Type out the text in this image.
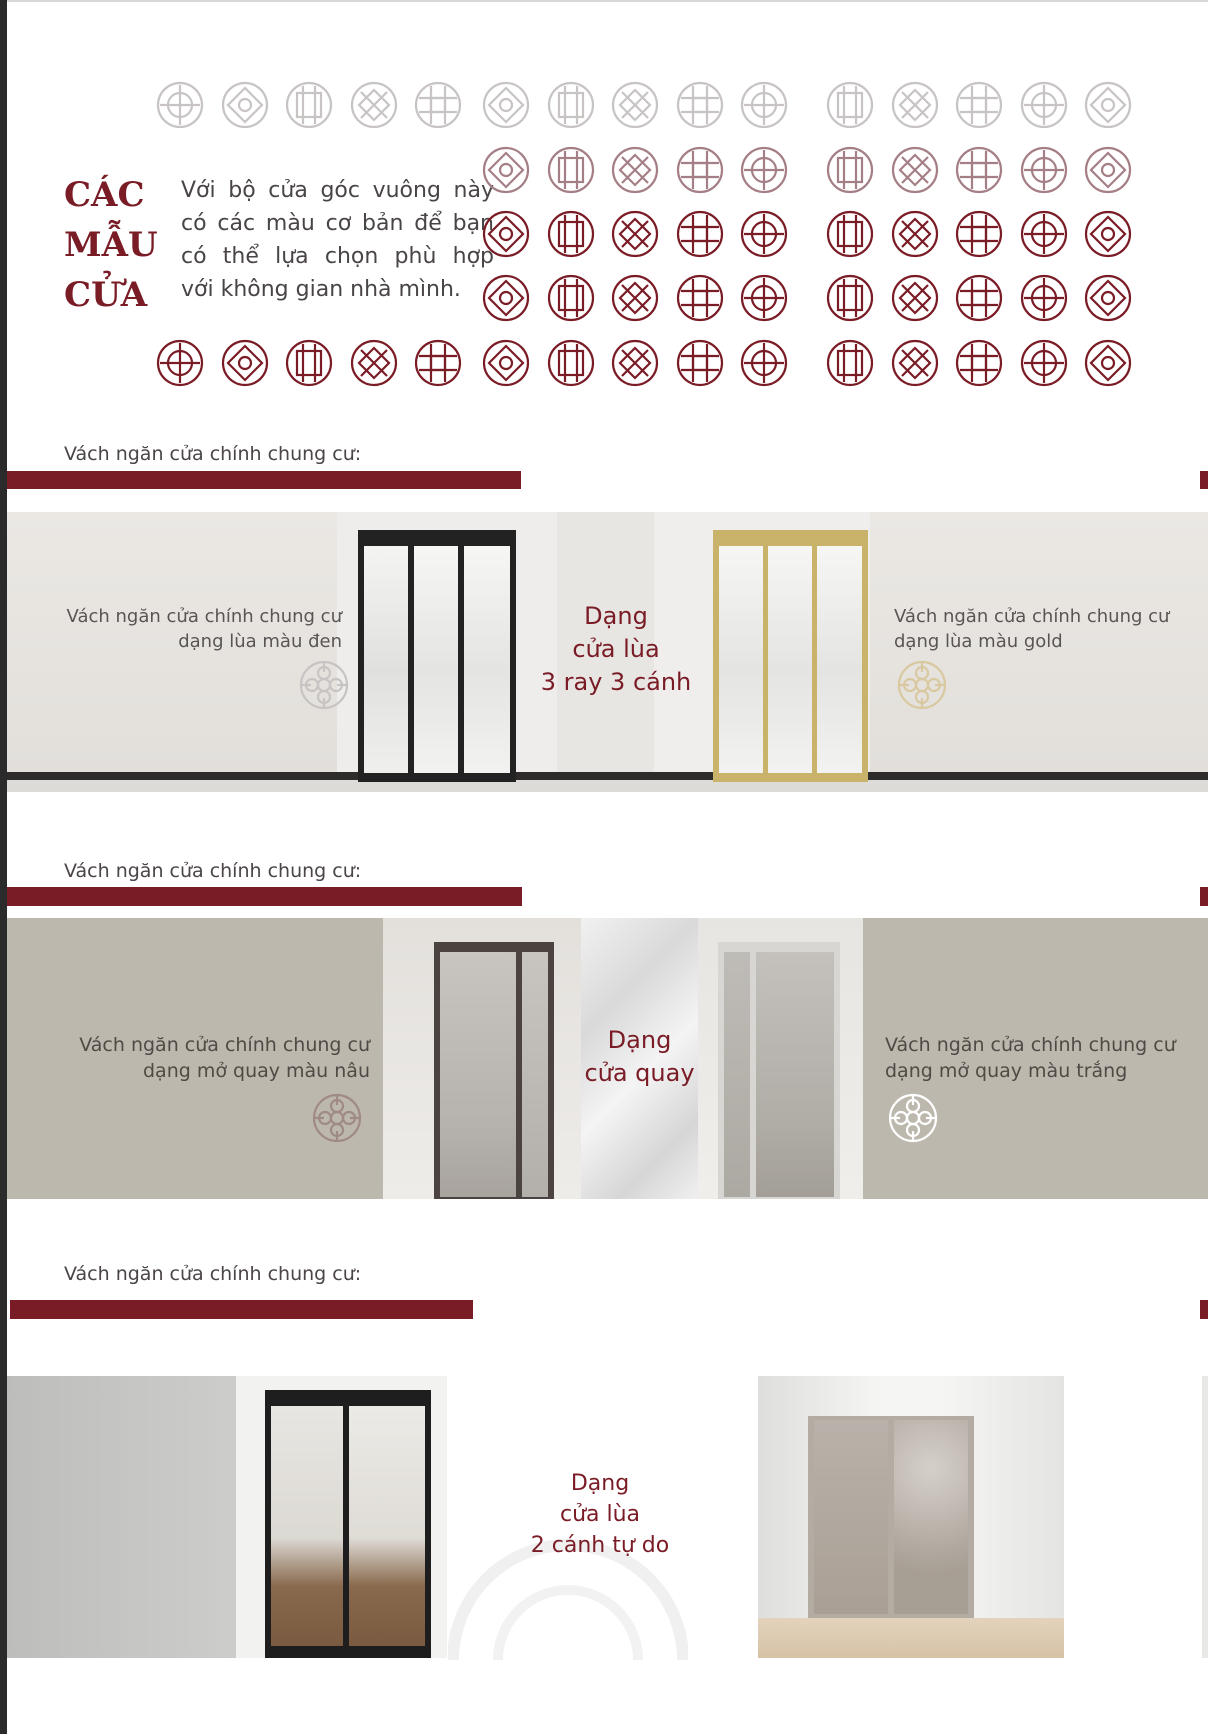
CÁC
MẪU
CỬA
Với bộ cửa góc vuông này
có các màu cơ bản để bạn
có thể lựa chọn phù hợp
với không gian nhà mình.
Vách ngăn cửa chính chung cư:
Vách ngăn cửa chính chung cư
dạng lùa màu đen
Dạng
cửa lùa
3 ray 3 cánh
Vách ngăn cửa chính chung cư
dạng lùa màu gold
Vách ngăn cửa chính chung cư:
Vách ngăn cửa chính chung cư
dạng mở quay màu nâu
Dạng
cửa quay
Vách ngăn cửa chính chung cư
dạng mở quay màu trắng
Vách ngăn cửa chính chung cư:
Dạng
cửa lùa
2 cánh tự do
